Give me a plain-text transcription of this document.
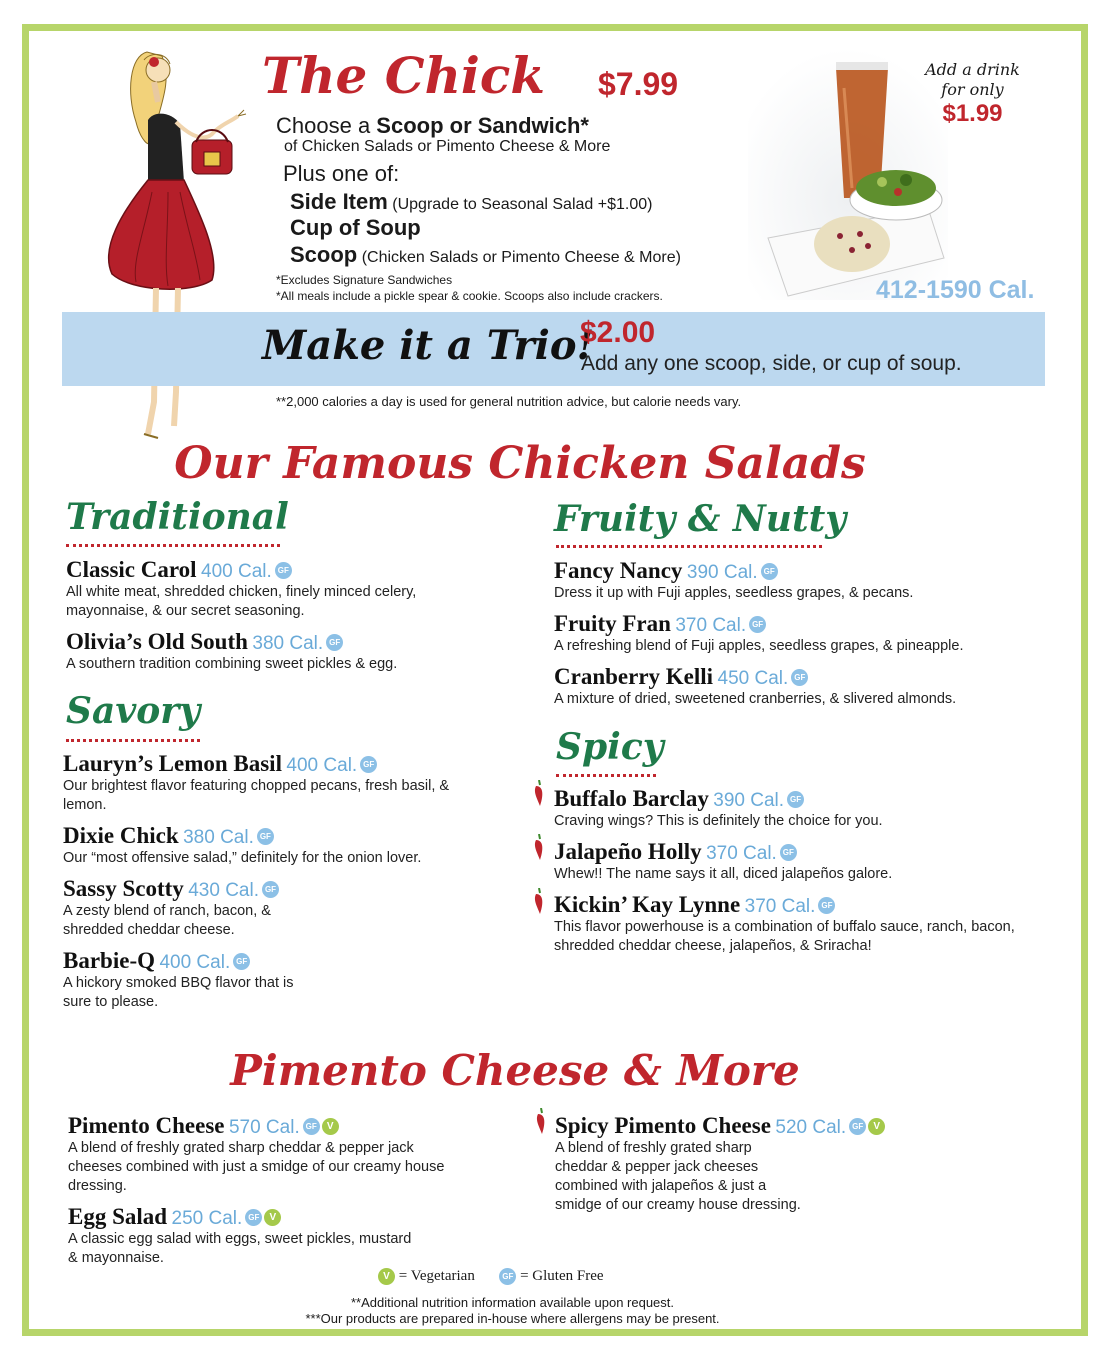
The Chick $7.99
Choose a Scoop or Sandwich*
of Chicken Salads or Pimento Cheese & More
Plus one of:
Side Item (Upgrade to Seasonal Salad +$1.00)
Cup of Soup
Scoop (Chicken Salads or Pimento Cheese & More)
*Excludes Signature Sandwiches
*All meals include a pickle spear & cookie. Scoops also include crackers.
Add a drink
for only
$1.99
412-1590 Cal.
Make it a Trio!
$2.00
Add any one scoop, side, or cup of soup.
**2,000 calories a day is used for general nutrition advice, but calorie needs vary.
Our Famous Chicken Salads
Traditional
Classic Carol 400 Cal. GF
All white meat, shredded chicken, finely minced celery, mayonnaise, & our secret seasoning.
Olivia’s Old South 380 Cal. GF
A southern tradition combining sweet pickles & egg.
Savory
Lauryn’s Lemon Basil 400 Cal. GF
Our brightest flavor featuring chopped pecans, fresh basil, & lemon.
Dixie Chick 380 Cal. GF
Our “most offensive salad,” definitely for the onion lover.
Sassy Scotty 430 Cal. GF
A zesty blend of ranch, bacon, & shredded cheddar cheese.
Barbie-Q 400 Cal. GF
A hickory smoked BBQ flavor that is sure to please.
Fruity & Nutty
Fancy Nancy 390 Cal. GF
Dress it up with Fuji apples, seedless grapes, & pecans.
Fruity Fran 370 Cal. GF
A refreshing blend of Fuji apples, seedless grapes, & pineapple.
Cranberry Kelli 450 Cal. GF
A mixture of dried, sweetened cranberries, & slivered almonds.
Spicy
Buffalo Barclay 390 Cal. GF
Craving wings? This is definitely the choice for you.
Jalapeño Holly 370 Cal. GF
Whew!! The name says it all, diced jalapeños galore.
Kickin’ Kay Lynne 370 Cal. GF
This flavor powerhouse is a combination of buffalo sauce, ranch, bacon, shredded cheddar cheese, jalapeños, & Sriracha!
Pimento Cheese & More
Pimento Cheese 570 Cal. GF V
A blend of freshly grated sharp cheddar & pepper jack cheeses combined with just a smidge of our creamy house dressing.
Egg Salad 250 Cal. GF V
A classic egg salad with eggs, sweet pickles, mustard & mayonnaise.
Spicy Pimento Cheese 520 Cal. GF V
A blend of freshly grated sharp cheddar & pepper jack cheeses combined with jalapeños & just a smidge of our creamy house dressing.
V = Vegetarian	GF = Gluten Free
**Additional nutrition information available upon request.
***Our products are prepared in-house where allergens may be present.
